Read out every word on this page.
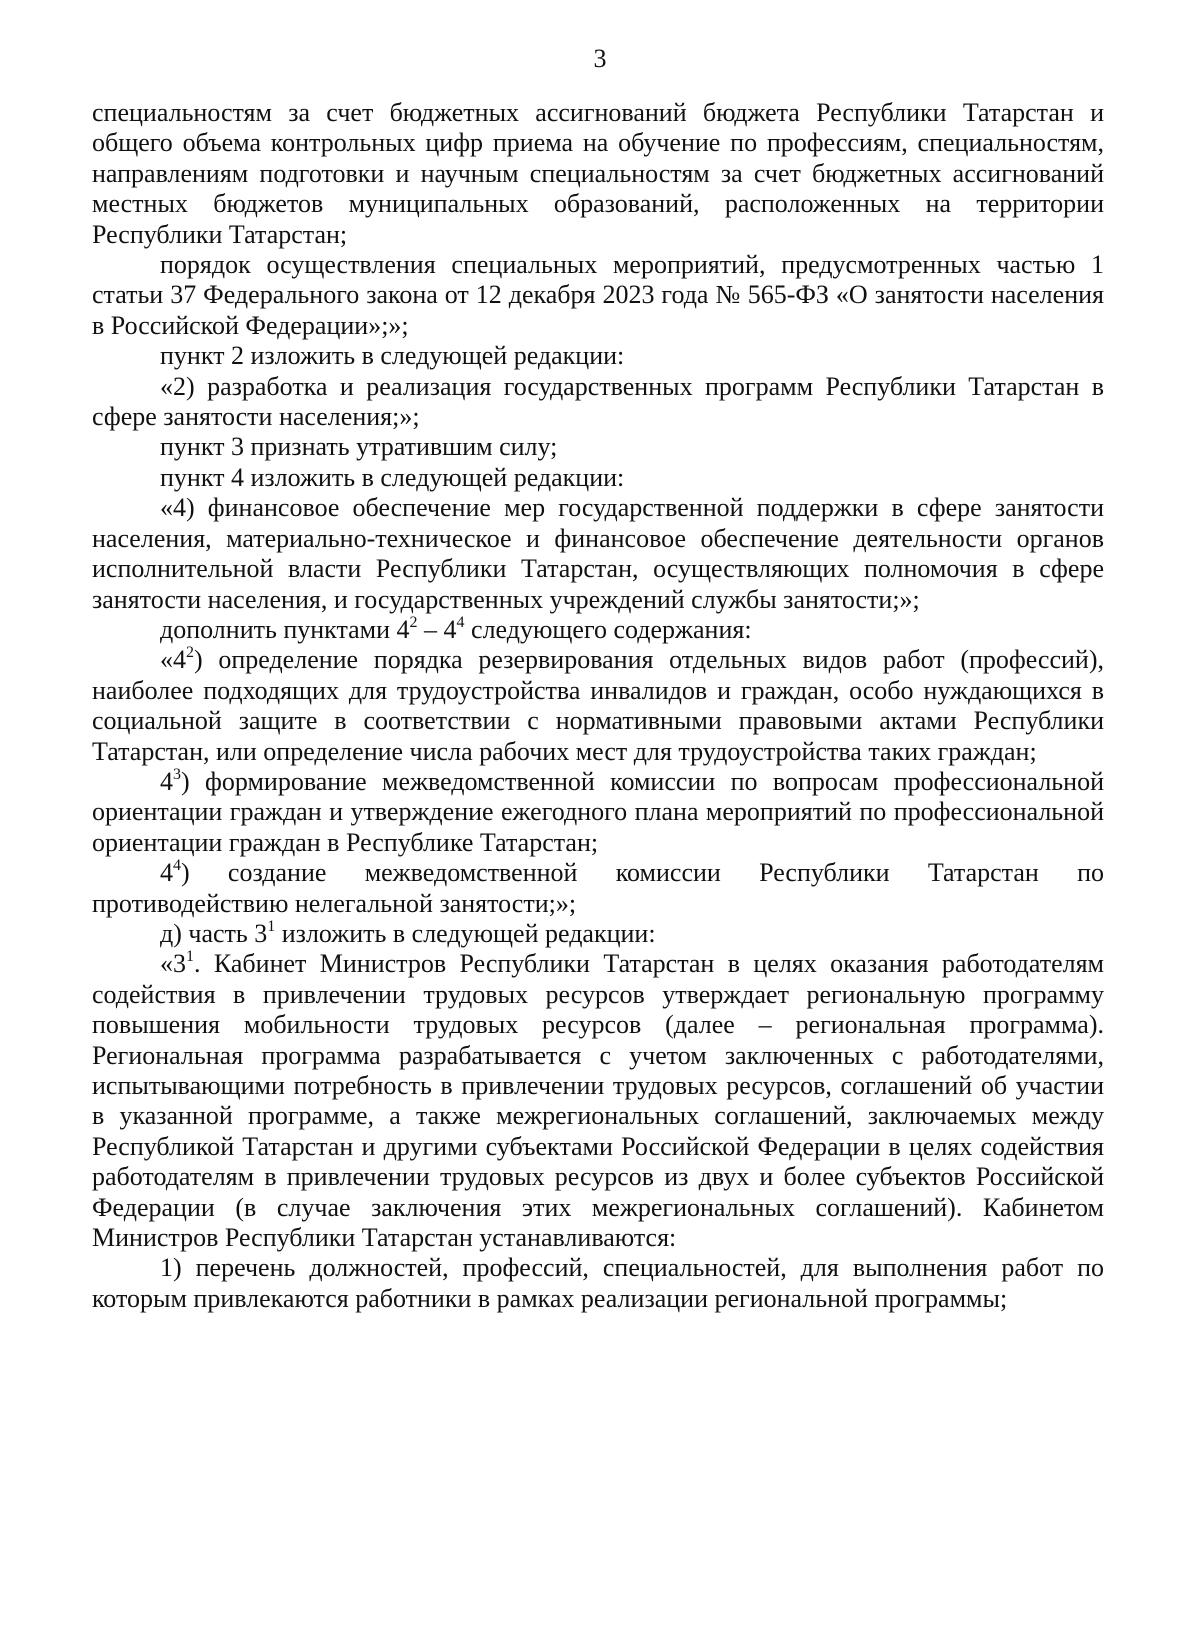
3

специальностям за счет бюджетных ассигнований бюджета Республики Татарстан и общего объема контрольных цифр приема на обучение по профессиям, специальностям, направлениям подготовки и научным специальностям за счет бюджетных ассигнований местных бюджетов муниципальных образований, расположенных на территории Республики Татарстан;

порядок осуществления специальных мероприятий, предусмотренных частью 1 статьи 37 Федерального закона от 12 декабря 2023 года № 565-ФЗ «О занятости населения в Российской Федерации»;»;

пункт 2 изложить в следующей редакции:

«2) разработка и реализация государственных программ Республики Татарстан в сфере занятости населения;»;

пункт 3 признать утратившим силу;

пункт 4 изложить в следующей редакции:

«4) финансовое обеспечение мер государственной поддержки в сфере занятости населения, материально-техническое и финансовое обеспечение деятельности органов исполнительной власти Республики Татарстан, осуществляющих полномочия в сфере занятости населения, и государственных учреждений службы занятости;»;

дополнить пунктами $4^2 - 4^4$ следующего содержания:

«$4^2$) определение порядка резервирования отдельных видов работ (профессий), наиболее подходящих для трудоустройства инвалидов и граждан, особо нуждающихся в социальной защите в соответствии с нормативными правовыми актами Республики Татарстан, или определение числа рабочих мест для трудоустройства таких граждан;

$4^3$) формирование межведомственной комиссии по вопросам профессиональной ориентации граждан и утверждение ежегодного плана мероприятий по профессиональной ориентации граждан в Республике Татарстан;

$4^4$) создание межведомственной комиссии Республики Татарстан по противодействию нелегальной занятости;»;

д) часть $3^1$ изложить в следующей редакции:

«$3^1$. Кабинет Министров Республики Татарстан в целях оказания работодателям содействия в привлечении трудовых ресурсов утверждает региональную программу повышения мобильности трудовых ресурсов (далее – региональная программа). Региональная программа разрабатывается с учетом заключенных с работодателями, испытывающими потребность в привлечении трудовых ресурсов, соглашений об участии в указанной программе, а также межрегиональных соглашений, заключаемых между Республикой Татарстан и другими субъектами Российской Федерации в целях содействия работодателям в привлечении трудовых ресурсов из двух и более субъектов Российской Федерации (в случае заключения этих межрегиональных соглашений). Кабинетом Министров Республики Татарстан устанавливаются:

1) перечень должностей, профессий, специальностей, для выполнения работ по которым привлекаются работники в рамках реализации региональной программы;
